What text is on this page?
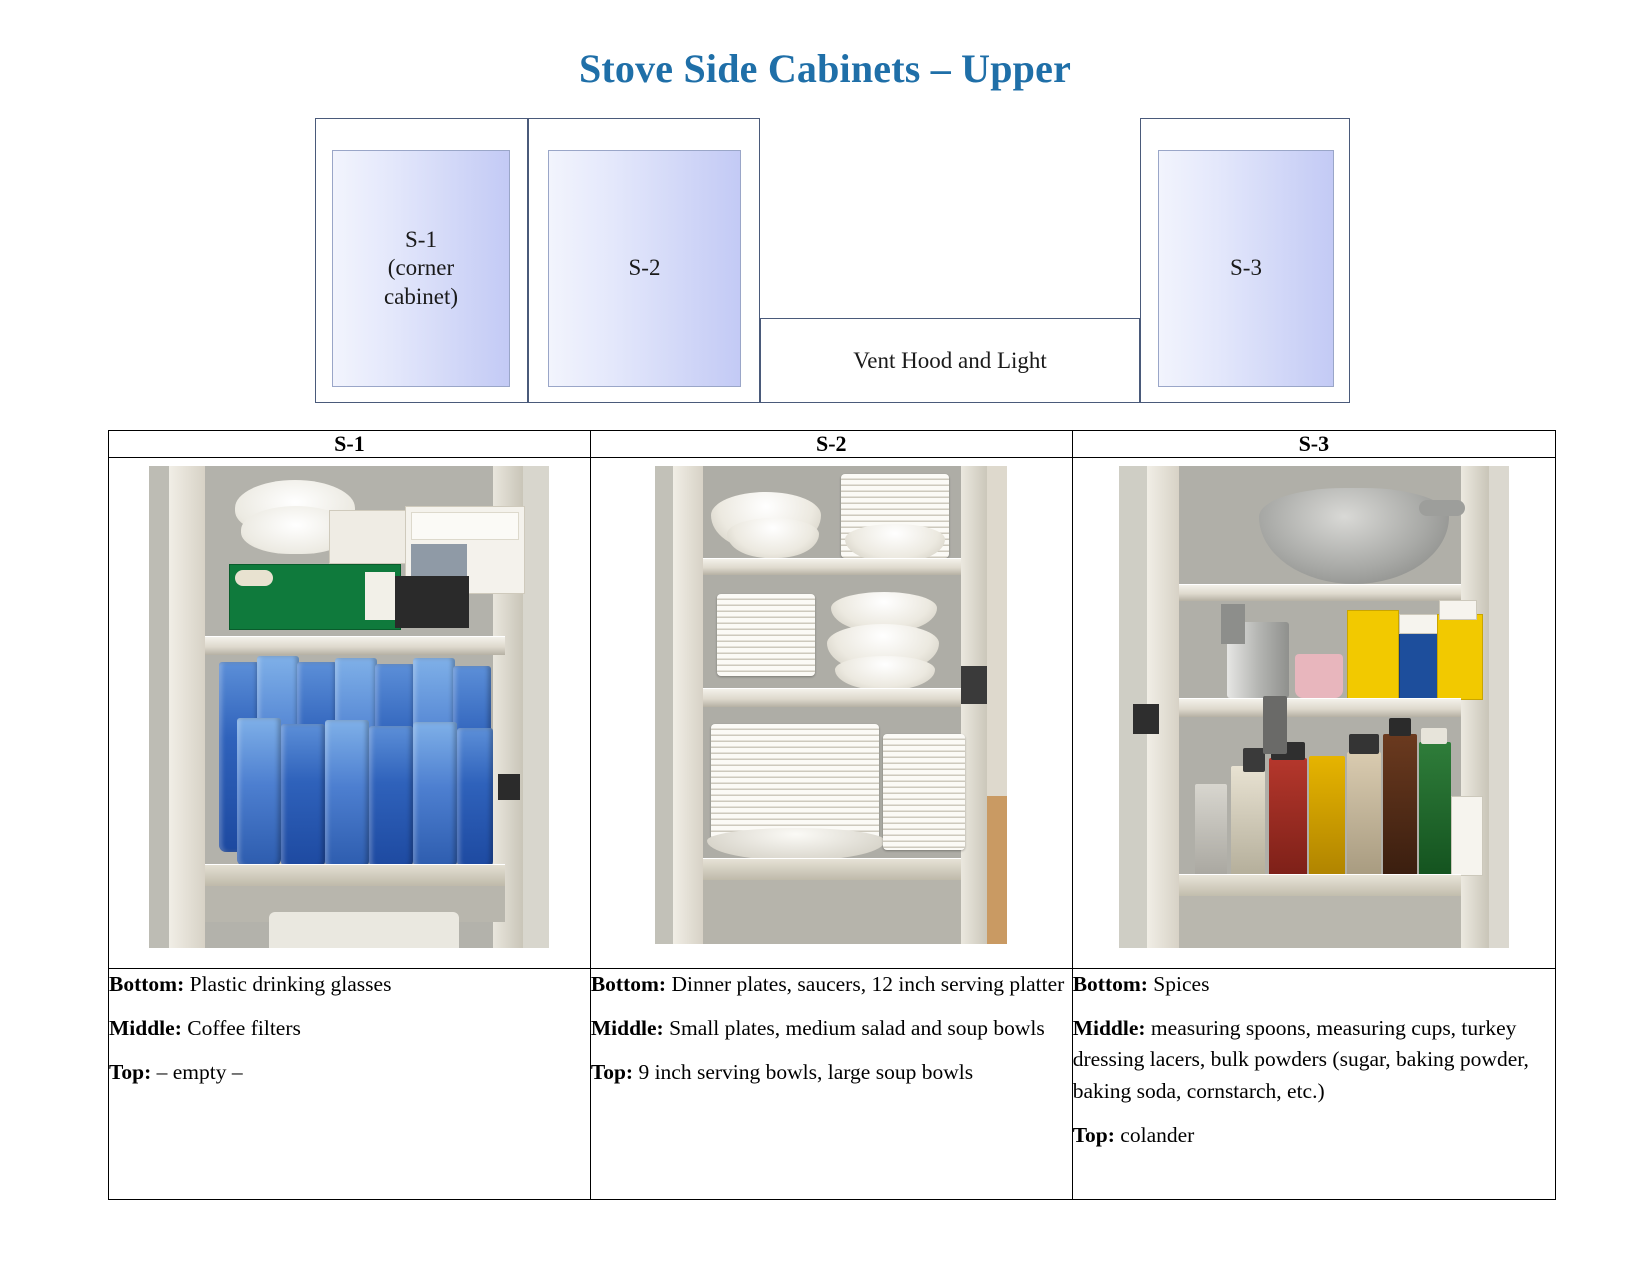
Stove Side Cabinets – Upper
S-1
(corner
cabinet)
S-2
Vent Hood and Light
S-3
S-1	S-2	S-3

Bottom: Plastic drinking glasses
Middle: Coffee filters
Top: – empty –

Bottom: Dinner plates, saucers, 12 inch serving platter
Middle: Small plates, medium salad and soup bowls
Top: 9 inch serving bowls, large soup bowls

Bottom: Spices
Middle: measuring spoons, measuring cups, turkey dressing lacers, bulk powders (sugar, baking powder, baking soda, cornstarch, etc.)
Top: colander
